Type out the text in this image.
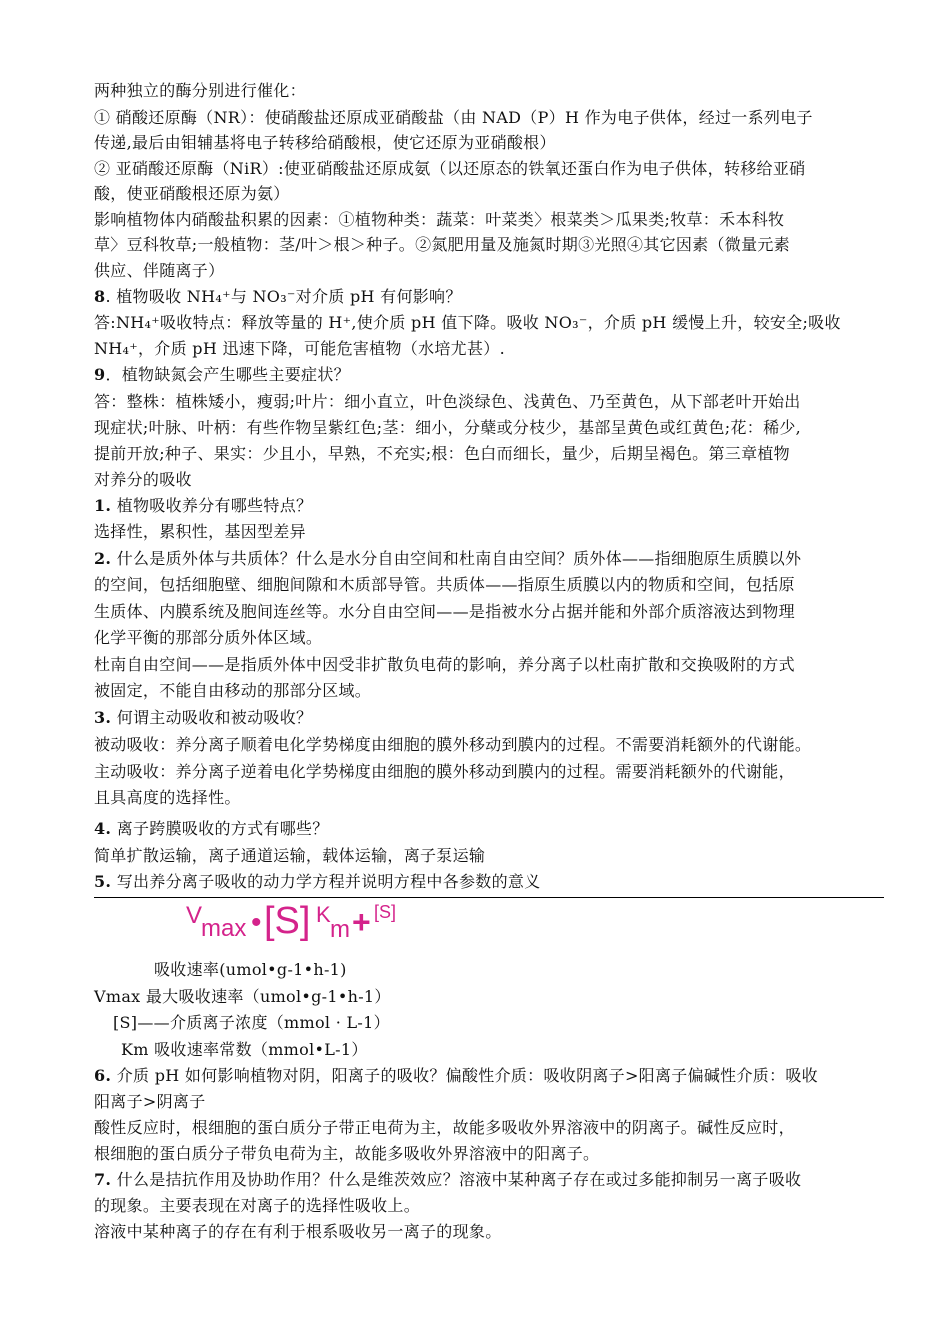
两种独立的酶分别进行催化：

① 硝酸还原酶（NR）：使硝酸盐还原成亚硝酸盐（由 NAD（P）H 作为电子供体，经过一系列电子

传递,最后由钼辅基将电子转移给硝酸根，使它还原为亚硝酸根）

② 亚硝酸还原酶（NiR）:使亚硝酸盐还原成氨（以还原态的铁氧还蛋白作为电子供体，转移给亚硝

酸，使亚硝酸根还原为氨）

影响植物体内硝酸盐积累的因素：①植物种类：蔬菜：叶菜类〉根菜类＞瓜果类;牧草：禾本科牧

草〉豆科牧草;一般植物：茎/叶＞根＞种子。②氮肥用量及施氮时期③光照④其它因素（微量元素

供应、伴随离子）

8. 植物吸收 NH₄⁺与 NO₃⁻对介质 pH 有何影响？

答:NH₄⁺吸收特点：释放等量的 H⁺,使介质 pH 值下降。吸收 NO₃⁻，介质 pH 缓慢上升，较安全;吸收

NH₄⁺，介质 pH 迅速下降，可能危害植物（水培尤甚）.

9．植物缺氮会产生哪些主要症状？

答：整株：植株矮小，瘦弱;叶片：细小直立，叶色淡绿色、浅黄色、乃至黄色，从下部老叶开始出

现症状;叶脉、叶柄：有些作物呈紫红色;茎：细小，分蘖或分枝少，基部呈黄色或红黄色;花：稀少,

提前开放;种子、果实：少且小，早熟，不充实;根：色白而细长，量少，后期呈褐色。第三章植物

对养分的吸收

1. 植物吸收养分有哪些特点？

选择性，累积性，基因型差异

2. 什么是质外体与共质体？什么是水分自由空间和杜南自由空间？质外体——指细胞原生质膜以外

的空间，包括细胞壁、细胞间隙和木质部导管。共质体——指原生质膜以内的物质和空间，包括原

生质体、内膜系统及胞间连丝等。水分自由空间——是指被水分占据并能和外部介质溶液达到物理

化学平衡的那部分质外体区域。

杜南自由空间——是指质外体中因受非扩散负电荷的影响，养分离子以杜南扩散和交换吸附的方式

被固定，不能自由移动的那部分区域。

3. 何谓主动吸收和被动吸收？

被动吸收：养分离子顺着电化学势梯度由细胞的膜外移动到膜内的过程。不需要消耗额外的代谢能。

主动吸收：养分离子逆着电化学势梯度由细胞的膜外移动到膜内的过程。需要消耗额外的代谢能，

且具高度的选择性。

4. 离子跨膜吸收的方式有哪些？

简单扩散运输，离子通道运输，载体运输，离子泵运输

5. 写出养分离子吸收的动力学方程并说明方程中各参数的意义

V
max • [S] K
m + [S]

吸收速率(umol•g-1•h-1)

Vmax 最大吸收速率（umol•g-1•h-1）

[S]——介质离子浓度（mmol · L-1）

Km 吸收速率常数（mmol•L-1）

6. 介质 pH 如何影响植物对阴，阳离子的吸收？偏酸性介质：吸收阴离子>阳离子偏碱性介质：吸收

阳离子>阴离子

酸性反应时，根细胞的蛋白质分子带正电荷为主，故能多吸收外界溶液中的阴离子。碱性反应时，

根细胞的蛋白质分子带负电荷为主，故能多吸收外界溶液中的阳离子。

7. 什么是拮抗作用及协助作用？什么是维茨效应？溶液中某种离子存在或过多能抑制另一离子吸收

的现象。主要表现在对离子的选择性吸收上。

溶液中某种离子的存在有利于根系吸收另一离子的现象。
